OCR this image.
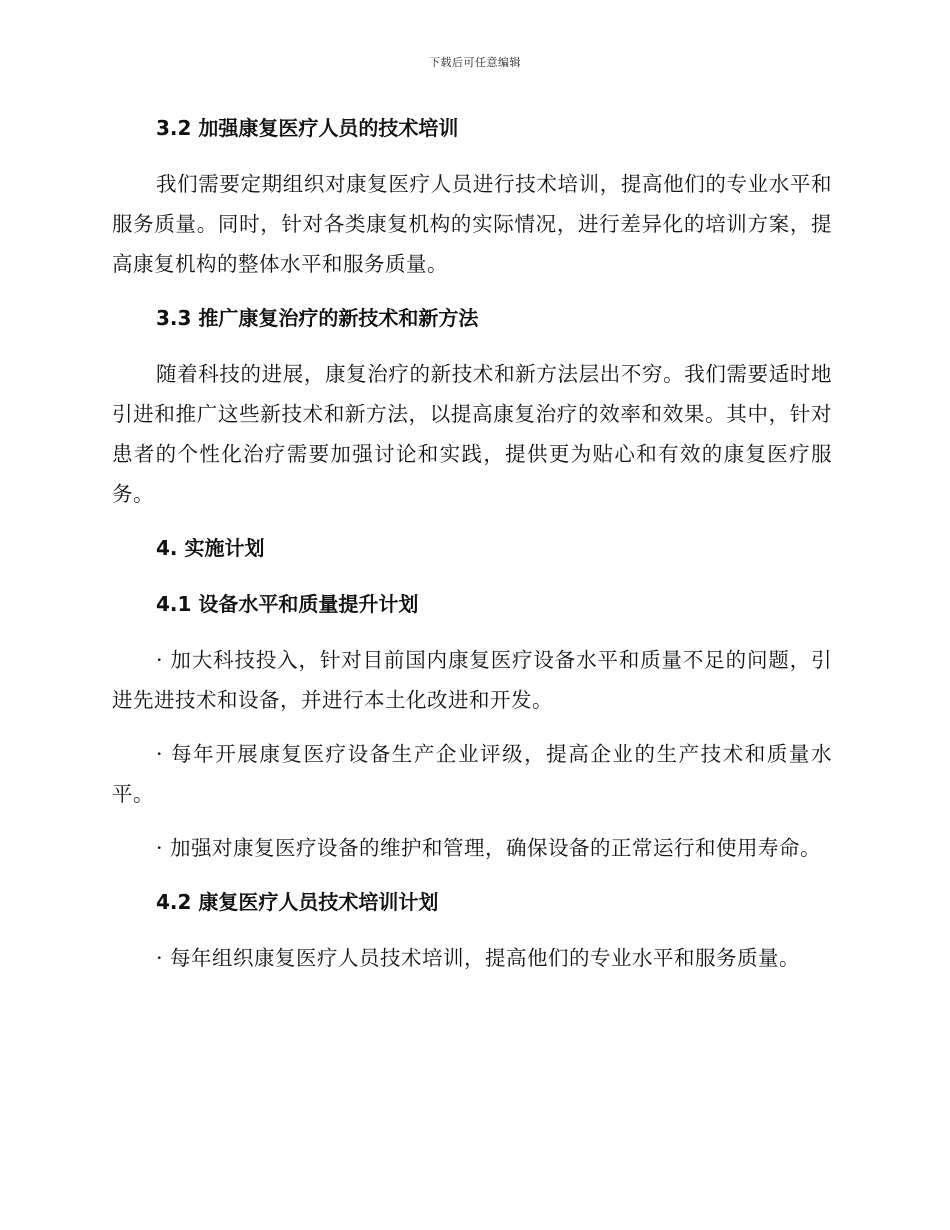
下载后可任意编辑
3.2 加强康复医疗人员的技术培训

我们需要定期组织对康复医疗人员进行技术培训，提高他们的专业水平和服务质量。同时，针对各类康复机构的实际情况，进行差异化的培训方案，提高康复机构的整体水平和服务质量。

3.3 推广康复治疗的新技术和新方法

随着科技的进展，康复治疗的新技术和新方法层出不穷。我们需要适时地引进和推广这些新技术和新方法，以提高康复治疗的效率和效果。其中，针对患者的个性化治疗需要加强讨论和实践，提供更为贴心和有效的康复医疗服务。

4. 实施计划
4.1 设备水平和质量提升计划

· 加大科技投入，针对目前国内康复医疗设备水平和质量不足的问题，引进先进技术和设备，并进行本土化改进和开发。

· 每年开展康复医疗设备生产企业评级，提高企业的生产技术和质量水平。

· 加强对康复医疗设备的维护和管理，确保设备的正常运行和使用寿命。

4.2 康复医疗人员技术培训计划

· 每年组织康复医疗人员技术培训，提高他们的专业水平和服务质量。
